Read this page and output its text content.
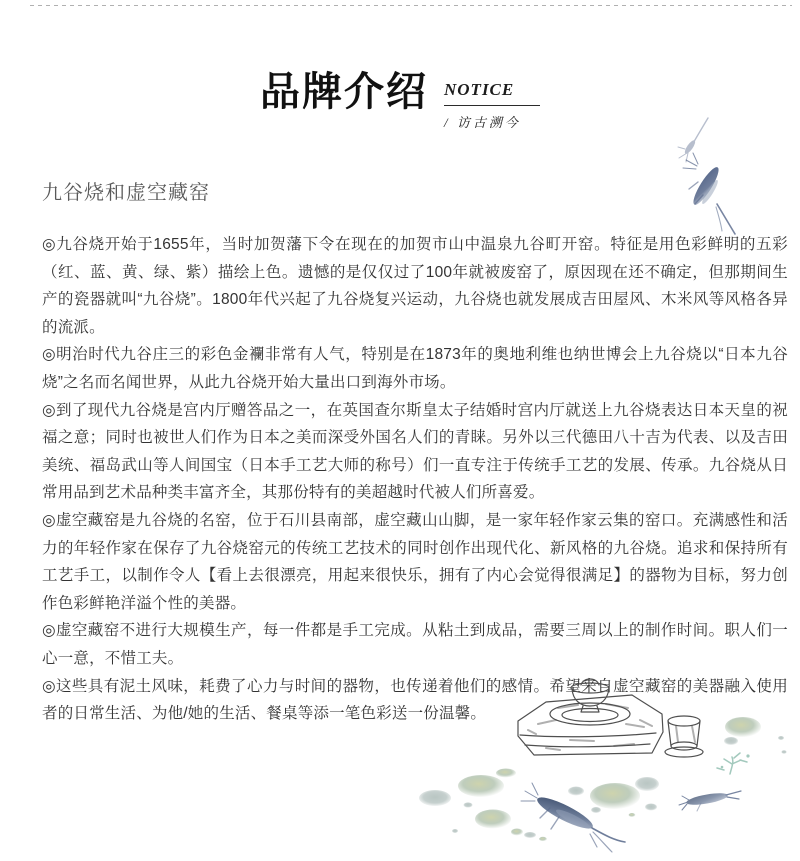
品牌介绍 NOTICE
/ 访古溯今
九谷烧和虚空藏窑

◎九谷烧开始于1655年，当时加贺藩下令在现在的加贺市山中温泉九谷町开窑。特征是用色彩鲜明的五彩（红、蓝、黄、绿、紫）描绘上色。遗憾的是仅仅过了100年就被废窑了，原因现在还不确定，但那期间生产的瓷器就叫“九谷烧”。1800年代兴起了九谷烧复兴运动，九谷烧也就发展成吉田屋风、木米风等风格各异的流派。

◎明治时代九谷庄三的彩色金襴非常有人气，特别是在1873年的奥地利维也纳世博会上九谷烧以“日本九谷烧”之名而名闻世界，从此九谷烧开始大量出口到海外市场。

◎到了现代九谷烧是宫内厅赠答品之一，在英国查尔斯皇太子结婚时宫内厅就送上九谷烧表达日本天皇的祝福之意；同时也被世人们作为日本之美而深受外国名人们的青睐。另外以三代德田八十吉为代表、以及吉田美统、福岛武山等人间国宝（日本手工艺大师的称号）们一直专注于传统手工艺的发展、传承。九谷烧从日常用品到艺术品种类丰富齐全，其那份特有的美超越时代被人们所喜爱。

◎虚空藏窑是九谷烧的名窑，位于石川县南部，虚空藏山山脚，是一家年轻作家云集的窑口。充满感性和活力的年轻作家在保存了九谷烧窑元的传统工艺技术的同时创作出现代化、新风格的九谷烧。追求和保持所有工艺手工，以制作令人【看上去很漂亮，用起来很快乐，拥有了内心会觉得很满足】的器物为目标，努力创作色彩鲜艳洋溢个性的美器。

◎虚空藏窑不进行大规模生产，每一件都是手工完成。从粘土到成品，需要三周以上的制作时间。职人们一心一意，不惜工夫。

◎这些具有泥土风味，耗费了心力与时间的器物，也传递着他们的感情。希望来自虚空藏窑的美器融入使用者的日常生活、为他/她的生活、餐桌等添一笔色彩送一份温馨。
